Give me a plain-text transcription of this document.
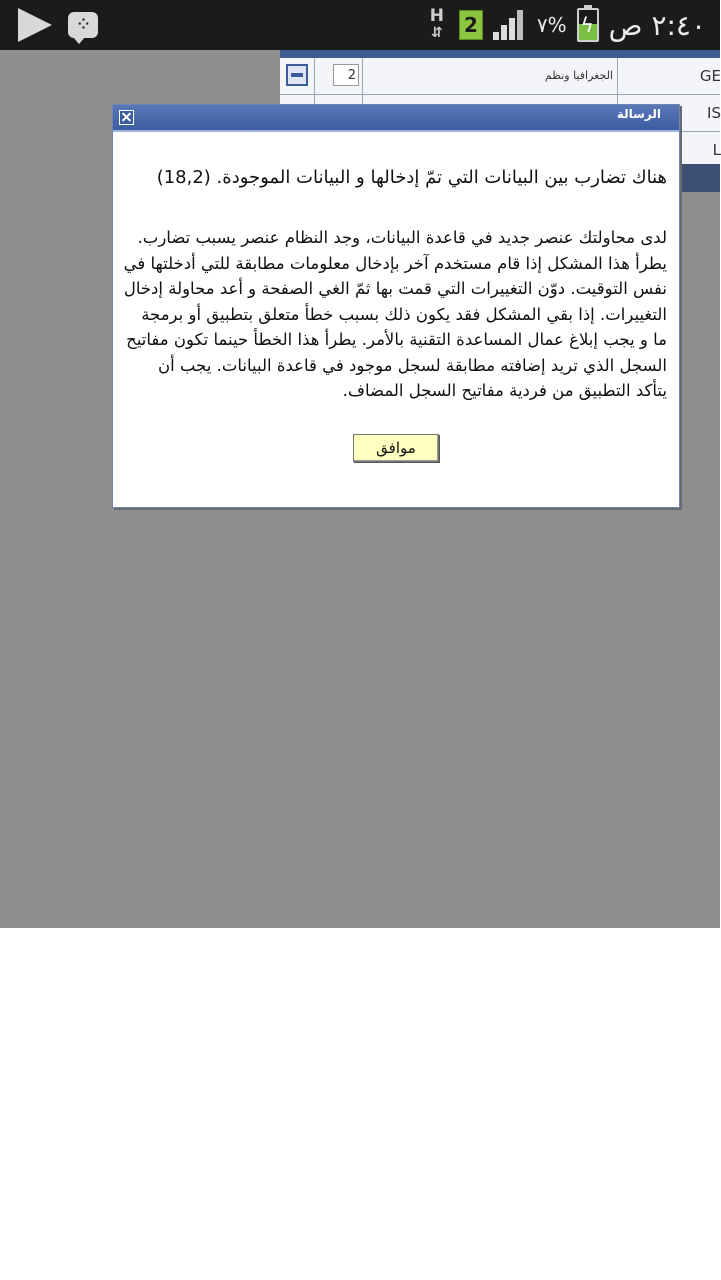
⁘	H
⇵	2	٧% ϟ ٢:٤٠ ص
2	الجغرافيا ونظم	GE
IS
L
الرسالة
هناك تضارب بين البيانات التي تمّ إدخالها و البيانات الموجودة. (18,2)
لدى محاولتك عنصر جديد في قاعدة البيانات، وجد النظام عنصر يسبب تضارب. يطرأ هذا المشكل إذا قام مستخدم آخر بإدخال معلومات مطابقة للتي أدخلتها في نفس التوقيت. دوّن التغييرات التي قمت بها ثمّ الغي الصفحة و أعد محاولة إدخال التغييرات. إذا بقي المشكل فقد يكون ذلك بسبب خطأ متعلق بتطبيق أو برمجة ما و يجب إبلاغ عمال المساعدة التقنية بالأمر. يطرأ هذا الخطأ حينما تكون مفاتيح السجل الذي تريد إضافته مطابقة لسجل موجود في قاعدة البيانات. يجب أن يتأكد التطبيق من فردية مفاتيح السجل المضاف.
موافق
